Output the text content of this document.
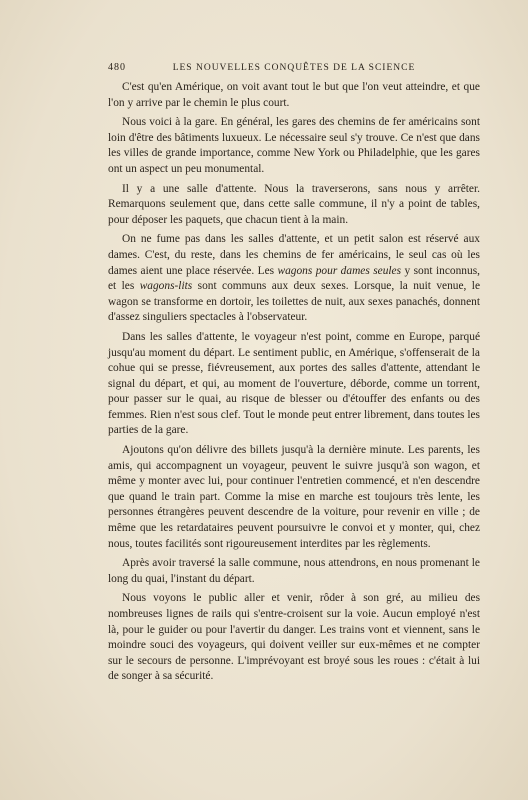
480	LES NOUVELLES CONQUÊTES DE LA SCIENCE

C'est qu'en Amérique, on voit avant tout le but que l'on veut atteindre, et que l'on y arrive par le chemin le plus court.

Nous voici à la gare. En général, les gares des chemins de fer américains sont loin d'être des bâtiments luxueux. Le nécessaire seul s'y trouve. Ce n'est que dans les villes de grande importance, comme New York ou Philadelphie, que les gares ont un aspect un peu monumental.

Il y a une salle d'attente. Nous la traverserons, sans nous y arrêter. Remarquons seulement que, dans cette salle commune, il n'y a point de tables, pour déposer les paquets, que chacun tient à la main.

On ne fume pas dans les salles d'attente, et un petit salon est réservé aux dames. C'est, du reste, dans les chemins de fer américains, le seul cas où les dames aient une place réservée. Les wagons pour dames seules y sont inconnus, et les wagons-lits sont communs aux deux sexes. Lorsque, la nuit venue, le wagon se transforme en dortoir, les toilettes de nuit, aux sexes panachés, donnent d'assez singuliers spectacles à l'observateur.

Dans les salles d'attente, le voyageur n'est point, comme en Europe, parqué jusqu'au moment du départ. Le sentiment public, en Amérique, s'offenserait de la cohue qui se presse, fiévreusement, aux portes des salles d'attente, attendant le signal du départ, et qui, au moment de l'ouverture, déborde, comme un torrent, pour passer sur le quai, au risque de blesser ou d'étouffer des enfants ou des femmes. Rien n'est sous clef. Tout le monde peut entrer librement, dans toutes les parties de la gare.

Ajoutons qu'on délivre des billets jusqu'à la dernière minute. Les parents, les amis, qui accompagnent un voyageur, peuvent le suivre jusqu'à son wagon, et même y monter avec lui, pour continuer l'entretien commencé, et n'en descendre que quand le train part. Comme la mise en marche est toujours très lente, les personnes étrangères peuvent descendre de la voiture, pour revenir en ville ; de même que les retardataires peuvent poursuivre le convoi et y monter, qui, chez nous, toutes facilités sont rigoureusement interdites par les règlements.

Après avoir traversé la salle commune, nous attendrons, en nous promenant le long du quai, l'instant du départ.

Nous voyons le public aller et venir, rôder à son gré, au milieu des nombreuses lignes de rails qui s'entre-croisent sur la voie. Aucun employé n'est là, pour le guider ou pour l'avertir du danger. Les trains vont et viennent, sans le moindre souci des voyageurs, qui doivent veiller sur eux-mêmes et ne compter sur le secours de personne. L'imprévoyant est broyé sous les roues : c'était à lui de songer à sa sécurité.
